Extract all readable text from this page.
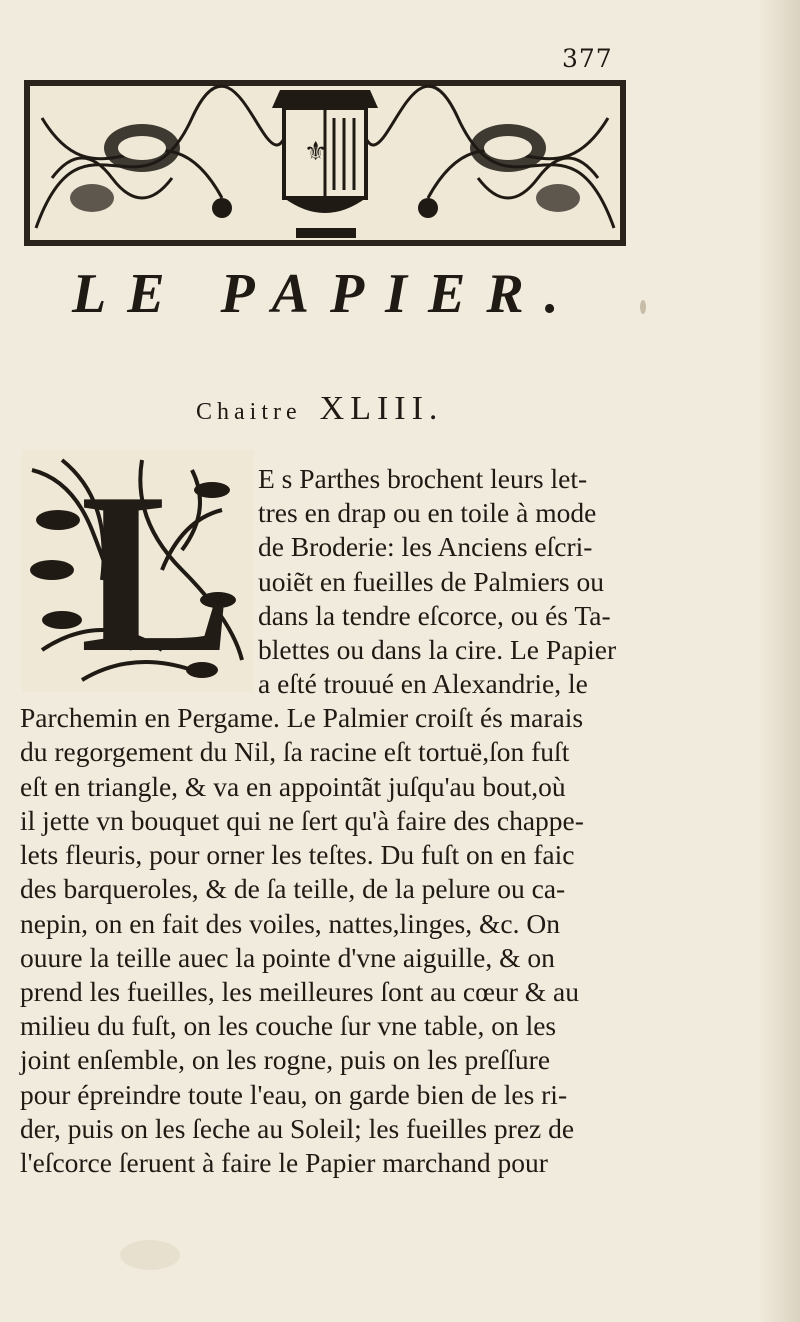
377
⚜
LE PAPIER.
Chaitre XLIII.
L E s Parthes brochent leurs let-
tres en drap ou en toile à mode
de Broderie: les Anciens eſcri-
uoiẽt en fueilles de Palmiers ou
dans la tendre eſcorce, ou és Ta-
blettes ou dans la cire. Le Papier
a eſté trouué en Alexandrie, le
Parchemin en Pergame. Le Palmier croiſt és marais
du regorgement du Nil, ſa racine eſt tortuë,ſon fuſt
eſt en triangle, & va en appointãt juſqu'au bout,où
il jette vn bouquet qui ne ſert qu'à faire des chappe-
lets fleuris, pour orner les teſtes. Du fuſt on en faic
des barqueroles, & de ſa teille, de la pelure ou ca-
nepin, on en fait des voiles, nattes,linges, &c. On
ouure la teille auec la pointe d'vne aiguille, & on
prend les fueilles, les meilleures ſont au cœur & au
milieu du fuſt, on les couche ſur vne table, on les
joint enſemble, on les rogne, puis on les preſſure
pour épreindre toute l'eau, on garde bien de les ri-
der, puis on les ſeche au Soleil; les fueilles prez de
l'eſcorce ſeruent à faire le Papier marchand pour
